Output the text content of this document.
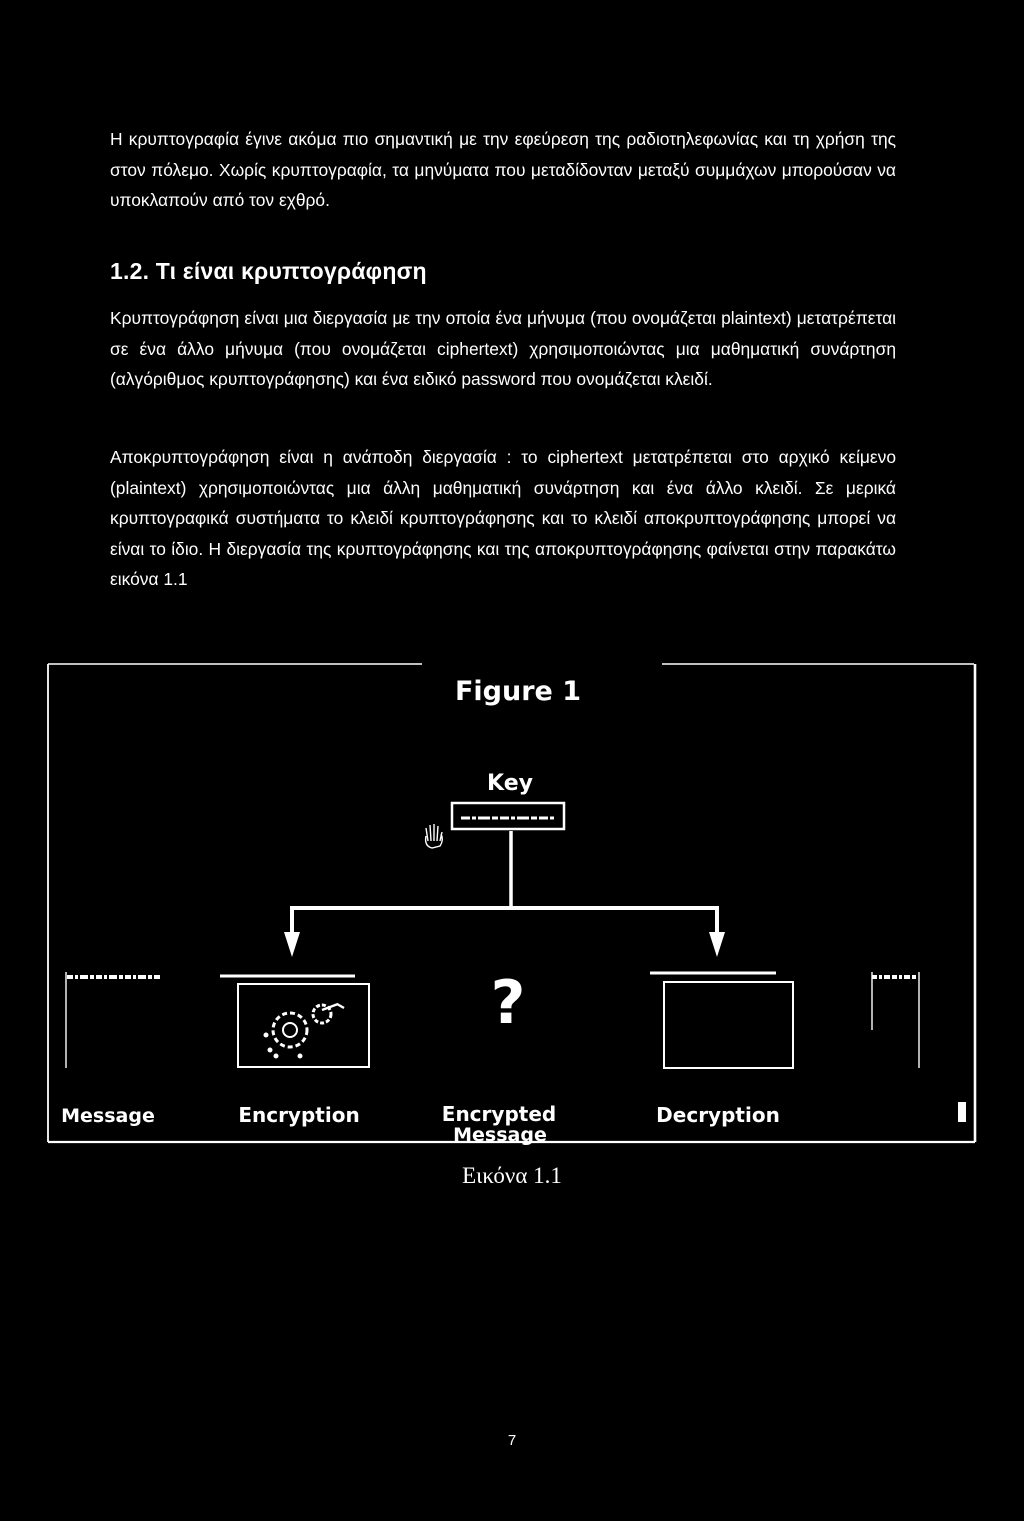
Η κρυπτογραφία έγινε ακόμα πιο σημαντική με την εφεύρεση της ραδιοτηλεφωνίας και τη χρήση της στον πόλεμο. Χωρίς κρυπτογραφία, τα μηνύματα που μεταδίδονταν μεταξύ συμμάχων μπορούσαν να υποκλαπούν από τον εχθρό.

1.2. Τι είναι κρυπτογράφηση

Κρυπτογράφηση είναι μια διεργασία με την οποία ένα μήνυμα (που ονομάζεται plaintext) μετατρέπεται σε ένα άλλο μήνυμα (που ονομάζεται ciphertext) χρησιμοποιώντας μια μαθηματική συνάρτηση (αλγόριθμος κρυπτογράφησης) και ένα ειδικό password που ονομάζεται κλειδί.

Αποκρυπτογράφηση είναι η ανάποδη διεργασία : το ciphertext μετατρέπεται στο αρχικό κείμενο (plaintext) χρησιμοποιώντας μια άλλη μαθηματική συνάρτηση και ένα άλλο κλειδί. Σε μερικά κρυπτογραφικά συστήματα το κλειδί κρυπτογράφησης και το κλειδί αποκρυπτογράφησης μπορεί να είναι το ίδιο. Η διεργασία της κρυπτογράφησης και της αποκρυπτογράφησης φαίνεται στην παρακάτω εικόνα 1.1

Figure 1
Key
?
Message	Encryption	Encrypted
Message
Decryption
Εικόνα 1.1
7
